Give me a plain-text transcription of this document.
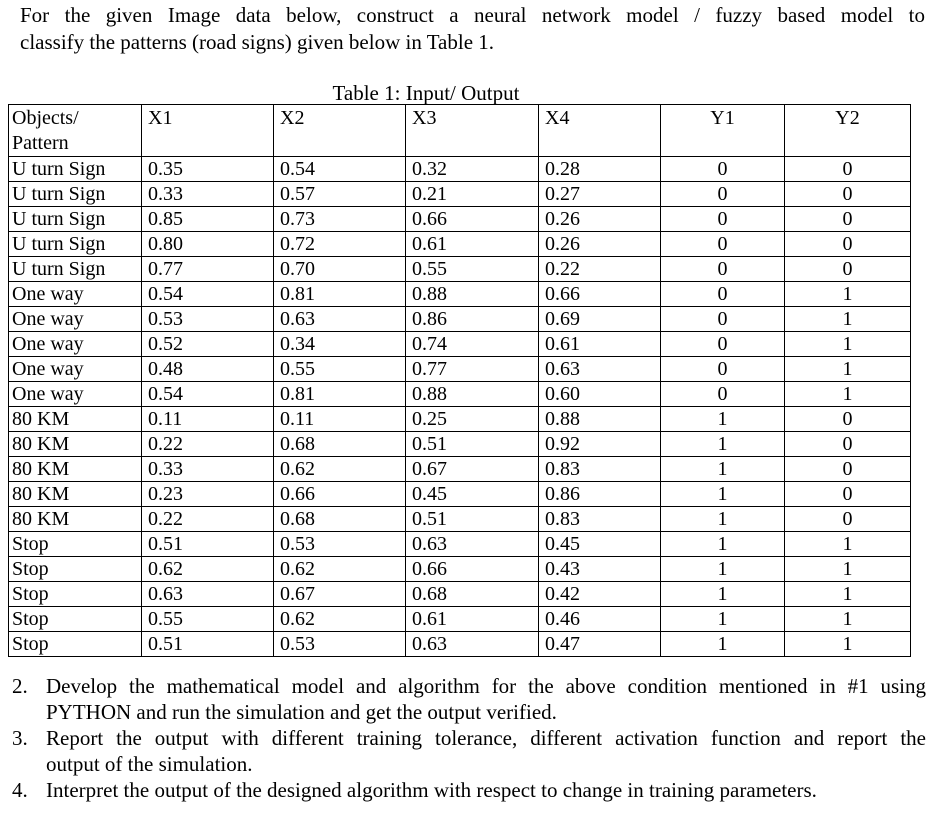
For the given Image data below, construct a neural network model / fuzzy based model to
classify the patterns (road signs) given below in Table 1.
Table 1: Input/ Output
Objects/
Pattern	X1	X2	X3	X4	Y1	Y2
U turn Sign	0.35	0.54	0.32	0.28	0	0
U turn Sign	0.33	0.57	0.21	0.27	0	0
U turn Sign	0.85	0.73	0.66	0.26	0	0
U turn Sign	0.80	0.72	0.61	0.26	0	0
U turn Sign	0.77	0.70	0.55	0.22	0	0
One way	0.54	0.81	0.88	0.66	0	1
One way	0.53	0.63	0.86	0.69	0	1
One way	0.52	0.34	0.74	0.61	0	1
One way	0.48	0.55	0.77	0.63	0	1
One way	0.54	0.81	0.88	0.60	0	1
80 KM	0.11	0.11	0.25	0.88	1	0
80 KM	0.22	0.68	0.51	0.92	1	0
80 KM	0.33	0.62	0.67	0.83	1	0
80 KM	0.23	0.66	0.45	0.86	1	0
80 KM	0.22	0.68	0.51	0.83	1	0
Stop	0.51	0.53	0.63	0.45	1	1
Stop	0.62	0.62	0.66	0.43	1	1
Stop	0.63	0.67	0.68	0.42	1	1
Stop	0.55	0.62	0.61	0.46	1	1
Stop	0.51	0.53	0.63	0.47	1	1
2. Develop the mathematical model and algorithm for the above condition mentioned in #1 using
PYTHON and run the simulation and get the output verified.
3. Report the output with different training tolerance, different activation function and report the
output of the simulation.
4. Interpret the output of the designed algorithm with respect to change in training parameters.
